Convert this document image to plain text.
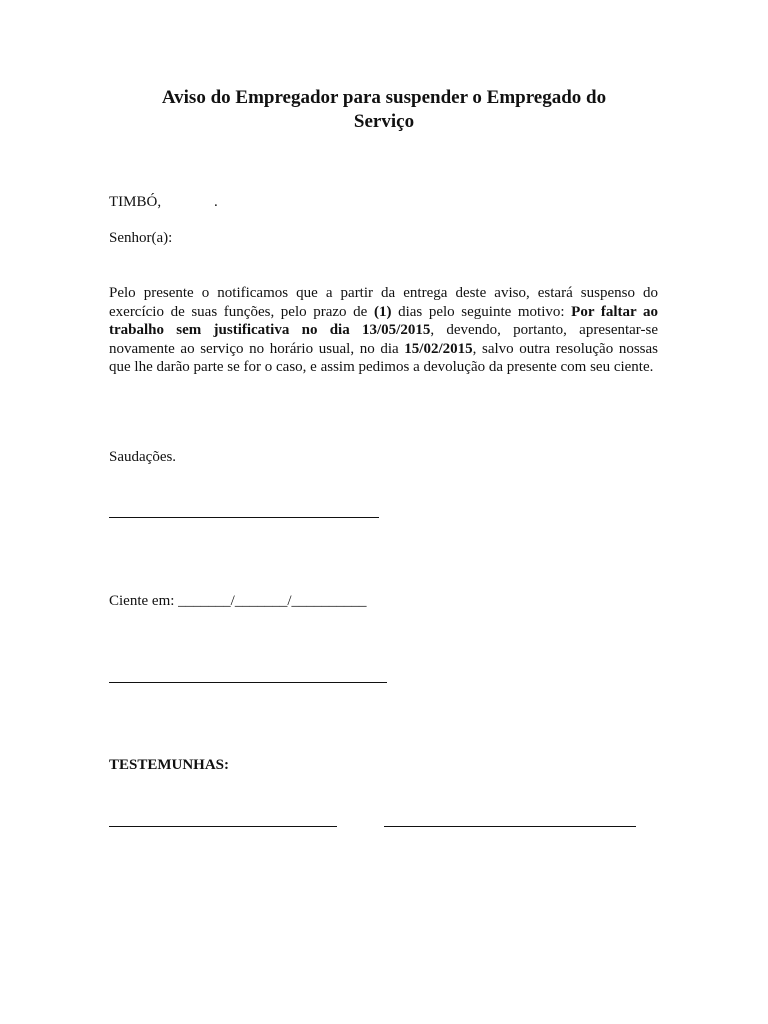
Aviso do Empregador para suspender o Empregado do
Serviço
TIMBÓ,	.
Senhor(a):
Pelo presente o notificamos que a partir da entrega deste aviso, estará suspenso do exercício de suas funções, pelo prazo de (1) dias pelo seguinte motivo: Por faltar ao trabalho sem justificativa no dia 13/05/2015, devendo, portanto, apresentar-se novamente ao serviço no horário usual, no dia 15/02/2015, salvo outra resolução nossas que lhe darão parte se for o caso, e assim pedimos a devolução da presente com seu ciente.
Saudações.
Ciente em: _______/_______/__________
TESTEMUNHAS:
